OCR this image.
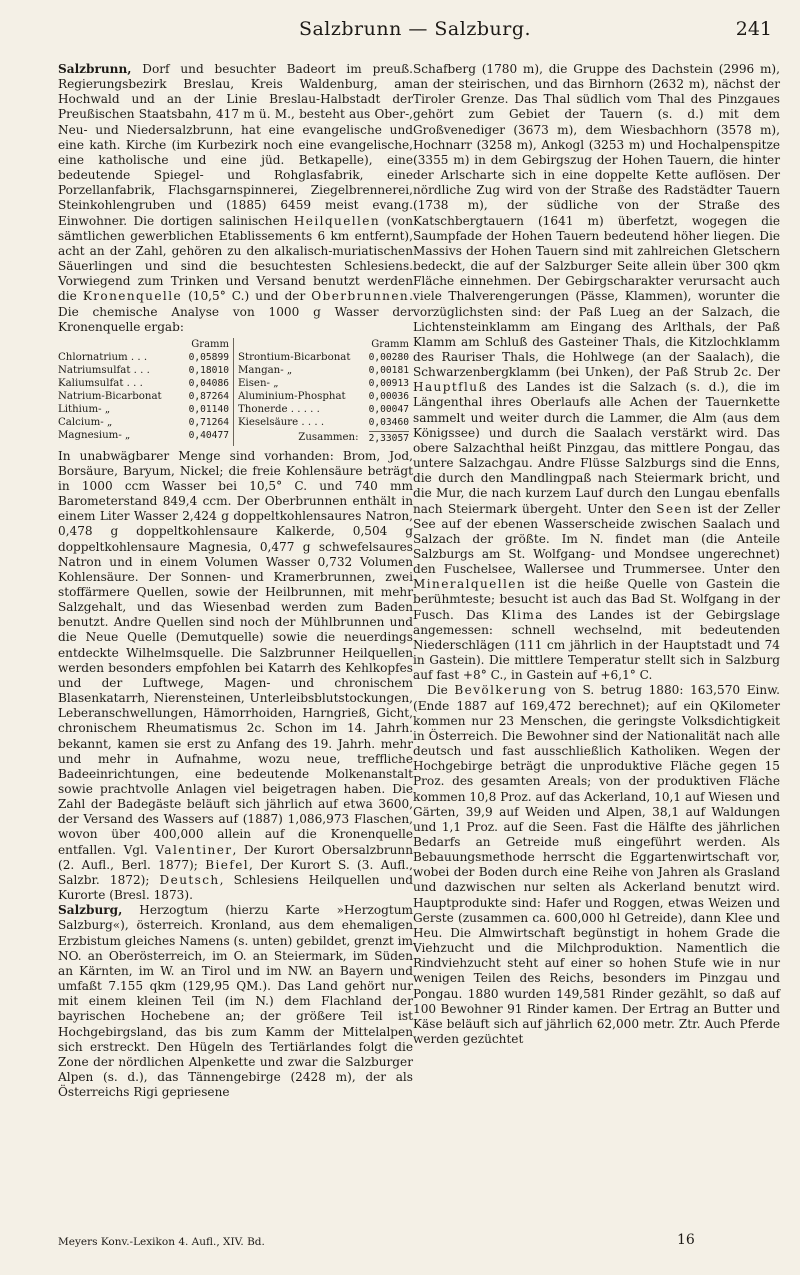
Salzbrunn — Salzburg.	241

Salzbrunn, Dorf und besuchter Badeort im preuß. Regierungsbezirk Breslau, Kreis Waldenburg, am Hochwald und an der Linie Breslau-Halbstadt der Preußischen Staatsbahn, 417 m ü. M., besteht aus Ober-, Neu- und Niedersalzbrunn, hat eine evangelische und eine kath. Kirche (im Kurbezirk noch eine evangelische, eine katholische und eine jüd. Betkapelle), eine bedeutende Spiegel- und Rohglasfabrik, eine Porzellanfabrik, Flachsgarnspinnerei, Ziegelbrennerei, Steinkohlengruben und (1885) 6459 meist evang. Einwohner. Die dortigen salinischen Heilquellen (von sämtlichen gewerblichen Etablissements 6 km entfernt), acht an der Zahl, gehören zu den alkalisch-muriatischen Säuerlingen und sind die besuchtesten Schlesiens. Vorwiegend zum Trinken und Versand benutzt werden die Kronenquelle (10,5° C.) und der Oberbrunnen. Die chemische Analyse von 1000 g Wasser der Kronenquelle ergab:

Gramm
Chlornatrium . . .	0,05899
Natriumsulfat . . .	0,18010
Kaliumsulfat . . .	0,04086
Natrium-Bicarbonat	0,87264
Lithium- „	0,01140
Calcium- „	0,71264
Magnesium- „	0,40477
Gramm
Strontium-Bicarbonat 0,00280
Mangan- „	0,00181
Eisen- „	0,00913
Aluminium-Phosphat 0,00036
Thonerde . . . . .	0,00047
Kieselsäure . . . .	0,03460
Zusammen: 2,33057

In unabwägbarer Menge sind vorhanden: Brom, Jod, Borsäure, Baryum, Nickel; die freie Kohlensäure beträgt in 1000 ccm Wasser bei 10,5° C. und 740 mm Barometerstand 849,4 ccm. Der Oberbrunnen enthält in einem Liter Wasser 2,424 g doppeltkohlensaures Natron, 0,478 g doppeltkohlensaure Kalkerde, 0,504 g doppeltkohlensaure Magnesia, 0,477 g schwefelsaures Natron und in einem Volumen Wasser 0,732 Volumen Kohlensäure. Der Sonnen- und Kramerbrunnen, zwei stoffärmere Quellen, sowie der Heilbrunnen, mit mehr Salzgehalt, und das Wiesenbad werden zum Baden benutzt. Andre Quellen sind noch der Mühlbrunnen und die Neue Quelle (Demutquelle) sowie die neuerdings entdeckte Wilhelmsquelle. Die Salzbrunner Heilquellen werden besonders empfohlen bei Katarrh des Kehlkopfes und der Luftwege, Magen- und chronischem Blasenkatarrh, Nierensteinen, Unterleibsblutstockungen, Leberanschwellungen, Hämorrhoiden, Harngrieß, Gicht, chronischem Rheumatismus 2c. Schon im 14. Jahrh. bekannt, kamen sie erst zu Anfang des 19. Jahrh. mehr und mehr in Aufnahme, wozu neue, treffliche Badeeinrichtungen, eine bedeutende Molkenanstalt sowie prachtvolle Anlagen viel beigetragen haben. Die Zahl der Badegäste beläuft sich jährlich auf etwa 3600, der Versand des Wassers auf (1887) 1,086,973 Flaschen, wovon über 400,000 allein auf die Kronenquelle entfallen. Vgl. Valentiner, Der Kurort Obersalzbrunn (2. Aufl., Berl. 1877); Biefel, Der Kurort S. (3. Aufl., Salzbr. 1872); Deutsch, Schlesiens Heilquellen und Kurorte (Bresl. 1873).

Salzburg, Herzogtum (hierzu Karte »Herzogtum Salzburg«), österreich. Kronland, aus dem ehemaligen Erzbistum gleiches Namens (s. unten) gebildet, grenzt im NO. an Oberösterreich, im O. an Steiermark, im Süden an Kärnten, im W. an Tirol und im NW. an Bayern und umfaßt 7.155 qkm (129,95 QM.). Das Land gehört nur mit einem kleinen Teil (im N.) dem Flachland der bayrischen Hochebene an; der größere Teil ist Hochgebirgsland, das bis zum Kamm der Mittelalpen sich erstreckt. Den Hügeln des Tertiärlandes folgt die Zone der nördlichen Alpenkette und zwar die Salzburger Alpen (s. d.), das Tännengebirge (2428 m), der als Österreichs Rigi gepriesene

Schafberg (1780 m), die Gruppe des Dachstein (2996 m), an der steirischen, und das Birnhorn (2632 m), nächst der Tiroler Grenze. Das Thal südlich vom Thal des Pinzgaues gehört zum Gebiet der Tauern (s. d.) mit dem Großvenediger (3673 m), dem Wiesbachhorn (3578 m), Hochnarr (3258 m), Ankogl (3253 m) und Hochalpenspitze (3355 m) in dem Gebirgszug der Hohen Tauern, die hinter der Arlscharte sich in eine doppelte Kette auflösen. Der nördliche Zug wird von der Straße des Radstädter Tauern (1738 m), der südliche von der Straße des Katschbergtauern (1641 m) überfetzt, wogegen die Saumpfade der Hohen Tauern bedeutend höher liegen. Die Massivs der Hohen Tauern sind mit zahlreichen Gletschern bedeckt, die auf der Salzburger Seite allein über 300 qkm Fläche einnehmen. Der Gebirgscharakter verursacht auch viele Thalverengerungen (Pässe, Klammen), worunter die vorzüglichsten sind: der Paß Lueg an der Salzach, die Lichtensteinklamm am Eingang des Arlthals, der Paß Klamm am Schluß des Gasteiner Thals, die Kitzlochklamm des Rauriser Thals, die Hohlwege (an der Saalach), die Schwarzenbergklamm (bei Unken), der Paß Strub 2c. Der Hauptfluß des Landes ist die Salzach (s. d.), die im Längenthal ihres Oberlaufs alle Achen der Tauernkette sammelt und weiter durch die Lammer, die Alm (aus dem Königssee) und durch die Saalach verstärkt wird. Das obere Salzachthal heißt Pinzgau, das mittlere Pongau, das untere Salzachgau. Andre Flüsse Salzburgs sind die Enns, die durch den Mandlingpaß nach Steiermark bricht, und die Mur, die nach kurzem Lauf durch den Lungau ebenfalls nach Steiermark übergeht. Unter den Seen ist der Zeller See auf der ebenen Wasserscheide zwischen Saalach und Salzach der größte. Im N. findet man (die Anteile Salzburgs am St. Wolfgang- und Mondsee ungerechnet) den Fuschelsee, Wallersee und Trummersee. Unter den Mineralquellen ist die heiße Quelle von Gastein die berühmteste; besucht ist auch das Bad St. Wolfgang in der Fusch. Das Klima des Landes ist der Gebirgslage angemessen: schnell wechselnd, mit bedeutenden Niederschlägen (111 cm jährlich in der Hauptstadt und 74 in Gastein). Die mittlere Temperatur stellt sich in Salzburg auf fast +8° C., in Gastein auf +6,1° C.

Die Bevölkerung von S. betrug 1880: 163,570 Einw. (Ende 1887 auf 169,472 berechnet); auf ein QKilometer kommen nur 23 Menschen, die geringste Volksdichtigkeit in Österreich. Die Bewohner sind der Nationalität nach alle deutsch und fast ausschließlich Katholiken. Wegen der Hochgebirge beträgt die unproduktive Fläche gegen 15 Proz. des gesamten Areals; von der produktiven Fläche kommen 10,8 Proz. auf das Ackerland, 10,1 auf Wiesen und Gärten, 39,9 auf Weiden und Alpen, 38,1 auf Waldungen und 1,1 Proz. auf die Seen. Fast die Hälfte des jährlichen Bedarfs an Getreide muß eingeführt werden. Als Bebauungsmethode herrscht die Eggartenwirtschaft vor, wobei der Boden durch eine Reihe von Jahren als Grasland und dazwischen nur selten als Ackerland benutzt wird. Hauptprodukte sind: Hafer und Roggen, etwas Weizen und Gerste (zusammen ca. 600,000 hl Getreide), dann Klee und Heu. Die Almwirtschaft begünstigt in hohem Grade die Viehzucht und die Milchproduktion. Namentlich die Rindviehzucht steht auf einer so hohen Stufe wie in nur wenigen Teilen des Reichs, besonders im Pinzgau und Pongau. 1880 wurden 149,581 Rinder gezählt, so daß auf 100 Bewohner 91 Rinder kamen. Der Ertrag an Butter und Käse beläuft sich auf jährlich 62,000 metr. Ztr. Auch Pferde werden gezüchtet

Meyers Konv.-Lexikon 4. Aufl., XIV. Bd.	16
